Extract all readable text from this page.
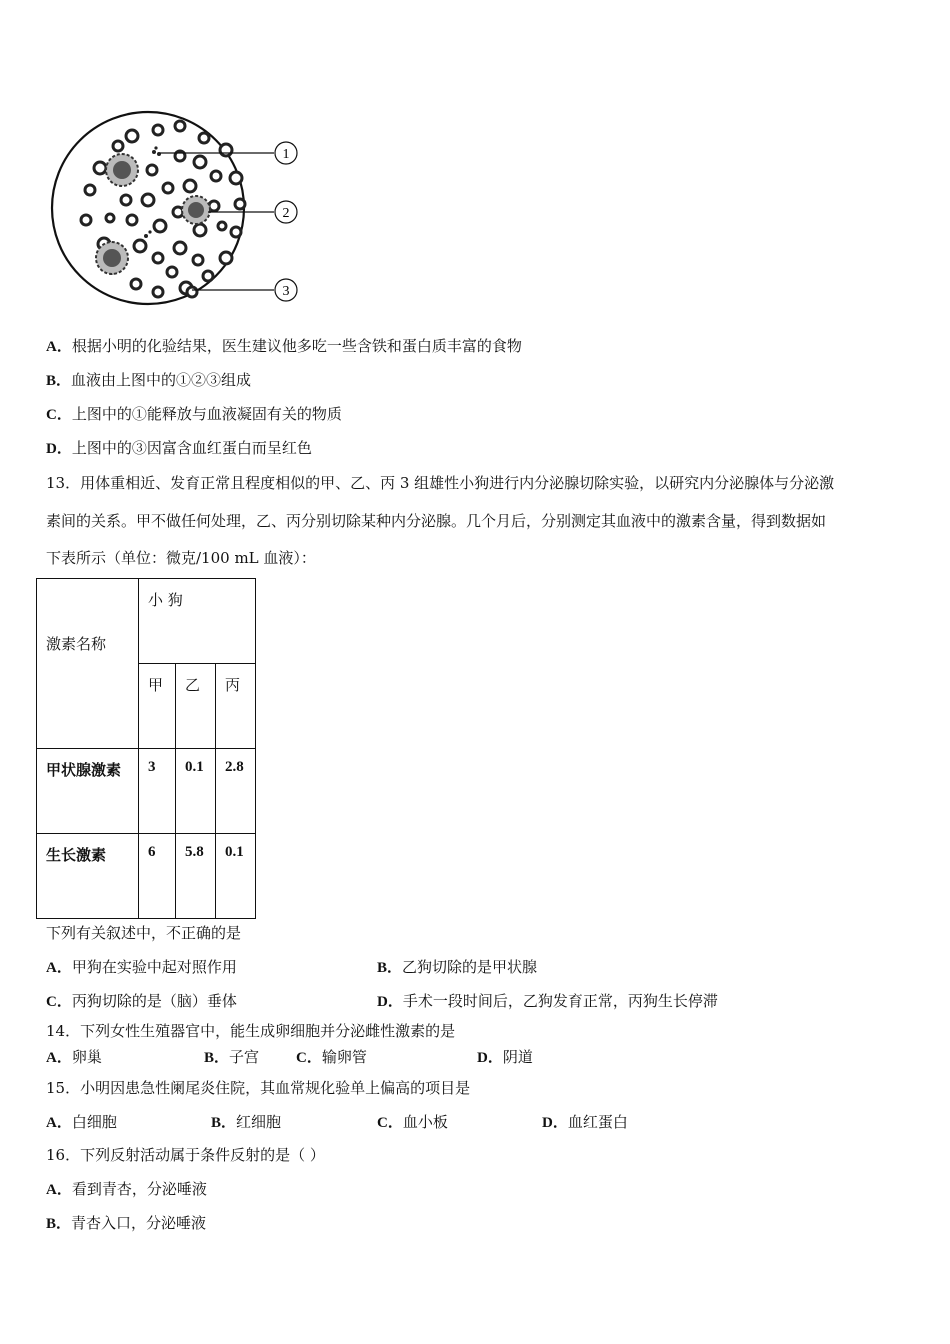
1
2
3
A．根据小明的化验结果，医生建议他多吃一些含铁和蛋白质丰富的食物
B．血液由上图中的①②③组成
C．上图中的①能释放与血液凝固有关的物质
D．上图中的③因富含血红蛋白而呈红色
13．用体重相近、发育正常且程度相似的甲、乙、丙 3 组雄性小狗进行内分泌腺切除实验，以研究内分泌腺体与分泌激
素间的关系。甲不做任何处理，乙、丙分别切除某种内分泌腺。几个月后，分别测定其血液中的激素含量，得到数据如
下表所示（单位：微克/100 mL 血液）：
激素名称	小 狗		
	甲	乙	丙
甲状腺激素	3	0.1	2.8
生长激素	6	5.8	0.1
下列有关叙述中，不正确的是
A．甲狗在实验中起对照作用	B．乙狗切除的是甲状腺
C．丙狗切除的是（脑）垂体	D．手术一段时间后，乙狗发育正常，丙狗生长停滞
14．下列女性生殖器官中，能生成卵细胞并分泌雌性激素的是
A．卵巢	B．子宫 C．输卵管	D．阴道
15．小明因患急性阑尾炎住院，其血常规化验单上偏高的项目是
A．白细胞	B．红细胞	C．血小板	D．血红蛋白
16．下列反射活动属于条件反射的是（ ）
A．看到青杏，分泌唾液
B．青杏入口，分泌唾液
